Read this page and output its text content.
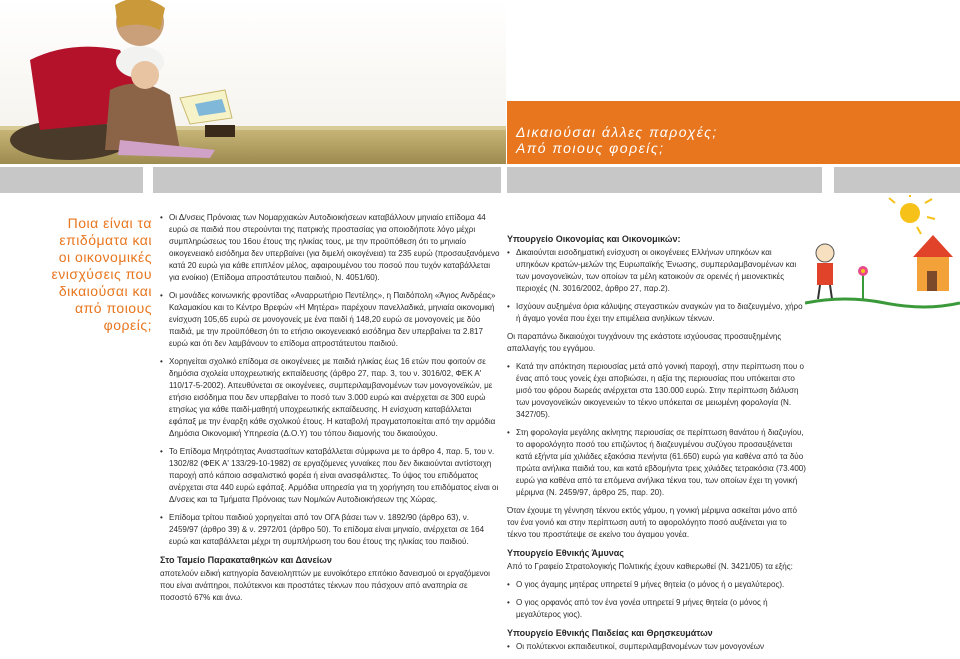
Δικαιούσαι άλλες παροχές;
Από ποιους φορείς;
Ποια είναι τα
επιδόματα και
οι οικονομικές
ενισχύσεις που
δικαιούσαι και
από ποιους
φορείς;

• Οι Δ/νσεις Πρόνοιας των Νομαρχιακών Αυτοδιοικήσεων καταβάλλουν μηνιαίο επίδομα 44 ευρώ σε παιδιά που στερούνται της πατρικής προστασίας για οποιοδήποτε λόγο μέχρι συμπληρώσεως του 16ου έτους της ηλικίας τους, με την προϋπόθεση ότι το μηνιαίο οικογενειακό εισόδημα δεν υπερβαίνει (για διμελή οικογένεια) τα 235 ευρώ (προσαυξανόμενο κατά 20 ευρώ για κάθε επιπλέον μέλος, αφαιρουμένου του ποσού που τυχόν καταβάλλεται για ενοίκιο) (Επίδομα απροστάτευτου παιδιού, Ν. 4051/60).

• Οι μονάδες κοινωνικής φροντίδας «Αναρρωτήριο Πεντέλης», η Παιδόπολη «Άγιος Ανδρέας» Καλαμακίου και το Κέντρο Βρεφών «Η Μητέρα» παρέχουν πανελλαδικά, μηνιαία οικονομική ενίσχυση 105,65 ευρώ σε μονογονείς με ένα παιδί ή 148,20 ευρώ σε μονογονείς με δύο παιδιά, με την προϋπόθεση ότι το ετήσιο οικογενειακό εισόδημα δεν υπερβαίνει τα 2.817 ευρώ και ότι δεν λαμβάνουν το επίδομα απροστάτευτου παιδιού.

• Χορηγείται σχολικό επίδομα σε οικογένειες με παιδιά ηλικίας έως 16 ετών που φοιτούν σε δημόσια σχολεία υποχρεωτικής εκπαίδευσης (άρθρο 27, παρ. 3, του ν. 3016/02, ΦΕΚ Α' 110/17-5-2002). Απευθύνεται σε οικογένειες, συμπεριλαμβανομένων των μονογονεϊκών, με ετήσιο εισόδημα που δεν υπερβαίνει το ποσό των 3.000 ευρώ και ανέρχεται σε 300 ευρώ ετησίως για κάθε παιδί-μαθητή υποχρεωτικής εκπαίδευσης. Η ενίσχυση καταβάλλεται εφάπαξ με την έναρξη κάθε σχολικού έτους. Η καταβολή πραγματοποιείται από την αρμόδια Δημόσια Οικονομική Υπηρεσία (Δ.Ο.Υ) του τόπου διαμονής του δικαιούχου.

• Το Επίδομα Μητρότητας Αναστασίτων καταβάλλεται σύμφωνα με το άρθρο 4, παρ. 5, του ν. 1302/82 (ΦΕΚ Α' 133/29-10-1982) σε εργαζόμενες γυναίκες που δεν δικαιούνται αντίστοιχη παροχή από κάποιο ασφαλιστικό φορέα ή είναι ανασφάλιστες. Το ύψος του επιδόματος ανέρχεται στα 440 ευρώ εφάπαξ. Αρμόδια υπηρεσία για τη χορήγηση του επιδόματος είναι οι Δ/νσεις και τα Τμήματα Πρόνοιας των Νομ/κών Αυτοδιοικήσεων της Χώρας.

• Επίδομα τρίτου παιδιού χορηγείται από τον ΟΓΑ βάσει των ν. 1892/90 (άρθρο 63), ν. 2459/97 (άρθρο 39) & ν. 2972/01 (άρθρο 50). Το επίδομα είναι μηνιαίο, ανέρχεται σε 164 ευρώ και καταβάλλεται μέχρι τη συμπλήρωση του 6ου έτους της ηλικίας του παιδιού.

Στο Ταμείο Παρακαταθηκών και Δανείων

αποτελούν ειδική κατηγορία δανειοληπτών με ευνοϊκότερο επιτόκιο δανεισμού οι εργαζόμενοι που είναι ανάπηροι, πολύτεκνοι και προστάτες τέκνων που πάσχουν από αναπηρία σε ποσοστό 67% και άνω.

Υπουργείο Οικονομίας και Οικονομικών:

• Δικαιούνται εισοδηματική ενίσχυση οι οικογένειες Ελλήνων υπηκόων και υπηκόων κρατών-μελών της Ευρωπαϊκής Ένωσης, συμπεριλαμβανομένων και των μονογονεϊκών, των οποίων τα μέλη κατοικούν σε ορεινές ή μειονεκτικές περιοχές (Ν. 3016/2002, άρθρο 27, παρ.2).

• Ισχύουν αυξημένα όρια κάλυψης στεγαστικών αναγκών για το διαζευγμένο, χήρο ή άγαμο γονέα που έχει την επιμέλεια ανηλίκων τέκνων.

Οι παραπάνω δικαιούχοι τυγχάνουν της εκάστοτε ισχύουσας προσαυξημένης απαλλαγής του εγγάμου.

• Κατά την απόκτηση περιουσίας μετά από γονική παροχή, στην περίπτωση που ο ένας από τους γονείς έχει αποβιώσει, η αξία της περιουσίας που υπόκειται στο μισό του φόρου δωρεάς ανέρχεται στα 130.000 ευρώ. Στην περίπτωση διάλυση των μονογονεϊκών οικογενειών το τέκνο υπόκειται σε μειωμένη φορολογία (Ν. 3427/05).

• Στη φορολογία μεγάλης ακίνητης περιουσίας σε περίπτωση θανάτου ή διαζυγίου, το αφορολόγητο ποσό του επιζώντος ή διαζευγμένου συζύγου προσαυξάνεται κατά εξήντα μία χιλιάδες εξακόσια πενήντα (61.650) ευρώ για καθένα από τα δύο πρώτα ανήλικα παιδιά του, και κατά εβδομήντα τρεις χιλιάδες τετρακόσια (73.400) ευρώ για καθένα από τα επόμενα ανήλικα τέκνα του, των οποίων έχει τη γονική μέριμνα (Ν. 2459/97, άρθρο 25, παρ. 20).

Όταν έχουμε τη γέννηση τέκνου εκτός γάμου, η γονική μέριμνα ασκείται μόνο από τον ένα γονιό και στην περίπτωση αυτή το αφορολόγητο ποσό αυξάνεται για το τέκνο του προστάτεψε σε εκείνο του άγαμου γονέα.

Υπουργείο Εθνικής Άμυνας

Από το Γραφείο Στρατολογικής Πολιτικής έχουν καθιερωθεί (Ν. 3421/05) τα εξής:

• Ο γιος άγαμης μητέρας υπηρετεί 9 μήνες θητεία (ο μόνος ή ο μεγαλύτερος).

• Ο γιος ορφανός από τον ένα γονέα υπηρετεί 9 μήνες θητεία (ο μόνος ή μεγαλύτερος γιος).

Υπουργείο Εθνικής Παιδείας και Θρησκευμάτων

• Οι πολύτεκνοι εκπαιδευτικοί, συμπεριλαμβανομένων των μονογονέων
